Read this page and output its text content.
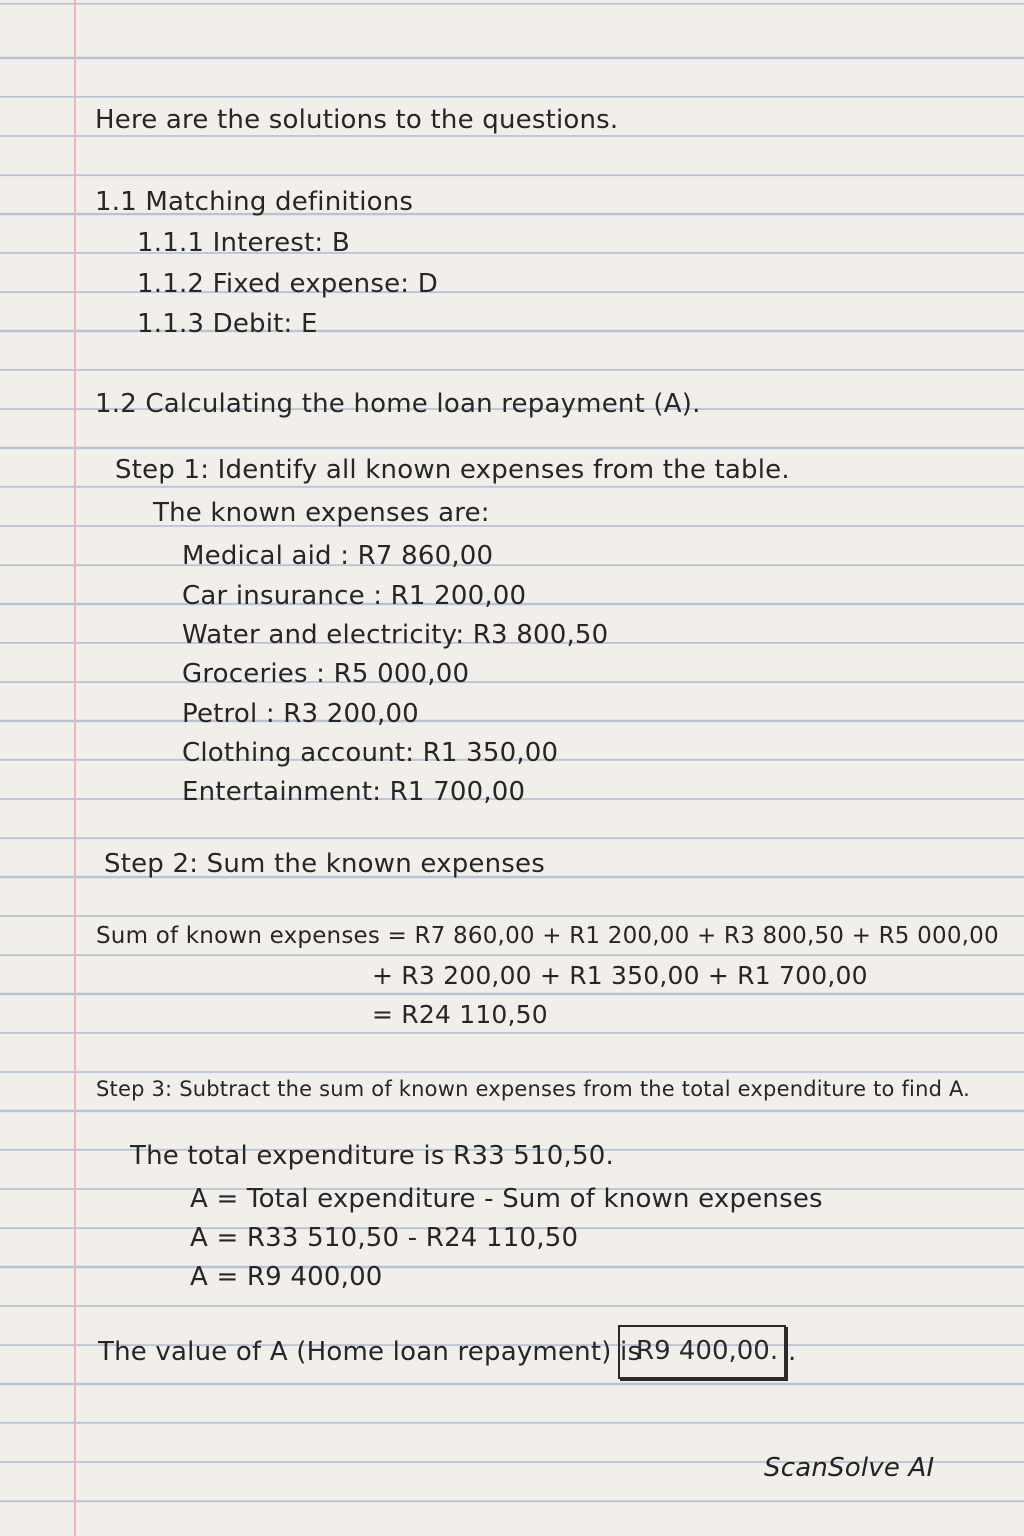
Here are the solutions to the questions.
1.1 Matching definitions
1.1.1 Interest: B
1.1.2 Fixed expense: D
1.1.3 Debit: E
1.2 Calculating the home loan repayment (A).
Step 1: Identify all known expenses from the table.
The known expenses are:
Medical aid : R7 860,00
Car insurance : R1 200,00
Water and electricity: R3 800,50
Groceries : R5 000,00
Petrol : R3 200,00
Clothing account: R1 350,00
Entertainment: R1 700,00
Step 2: Sum the known expenses
Sum of known expenses = R7 860,00 + R1 200,00 + R3 800,50 + R5 000,00
+ R3 200,00 + R1 350,00 + R1 700,00
= R24 110,50
Step 3: Subtract the sum of known expenses from the total expenditure to find A.
The total expenditure is R33 510,50.
A = Total expenditure - Sum of known expenses
A = R33 510,50 - R24 110,50
A = R9 400,00
The value of A (Home loan repayment) is
R9 400,00. .
ScanSolve AI
